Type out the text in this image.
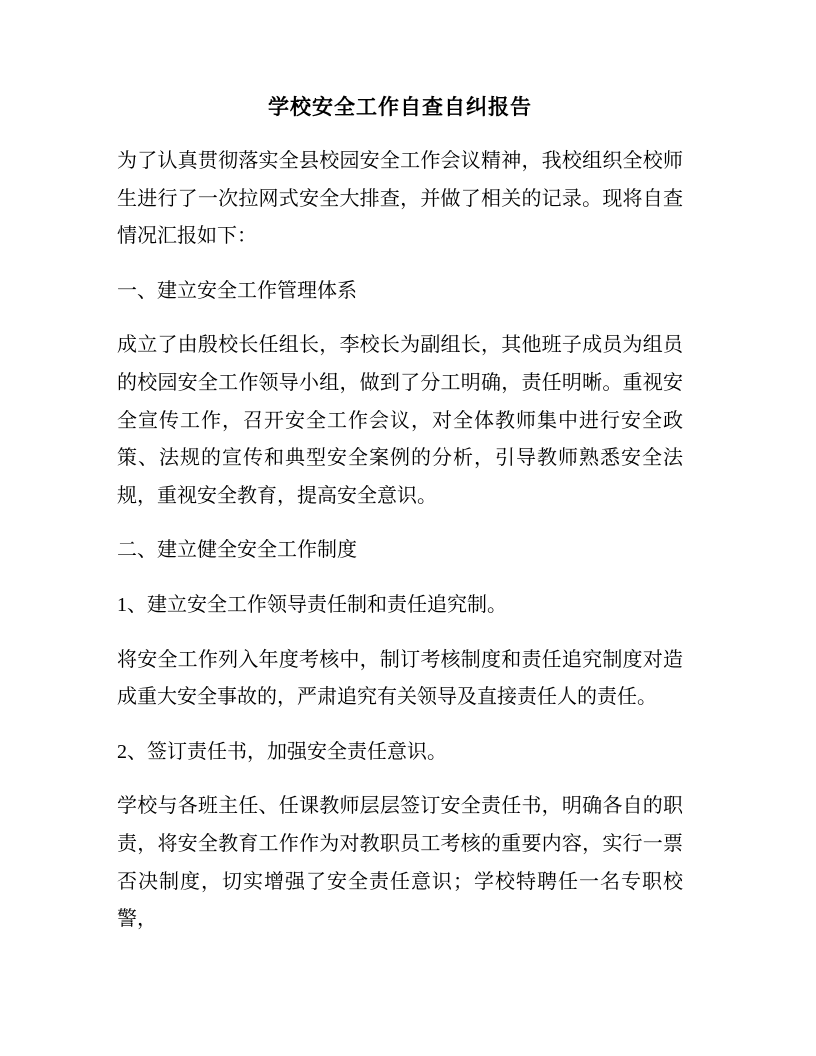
学校安全工作自查自纠报告

为了认真贯彻落实全县校园安全工作会议精神，我校组织全校师生进行了一次拉网式安全大排查，并做了相关的记录。现将自查情况汇报如下：

一、建立安全工作管理体系

成立了由殷校长任组长，李校长为副组长，其他班子成员为组员的校园安全工作领导小组，做到了分工明确，责任明晰。重视安全宣传工作，召开安全工作会议，对全体教师集中进行安全政策、法规的宣传和典型安全案例的分析，引导教师熟悉安全法规，重视安全教育，提高安全意识。

二、建立健全安全工作制度

1、建立安全工作领导责任制和责任追究制。

将安全工作列入年度考核中，制订考核制度和责任追究制度对造成重大安全事故的，严肃追究有关领导及直接责任人的责任。

2、签订责任书，加强安全责任意识。

学校与各班主任、任课教师层层签订安全责任书，明确各自的职责，将安全教育工作作为对教职员工考核的重要内容，实行一票否决制度，切实增强了安全责任意识；学校特聘任一名专职校警，
